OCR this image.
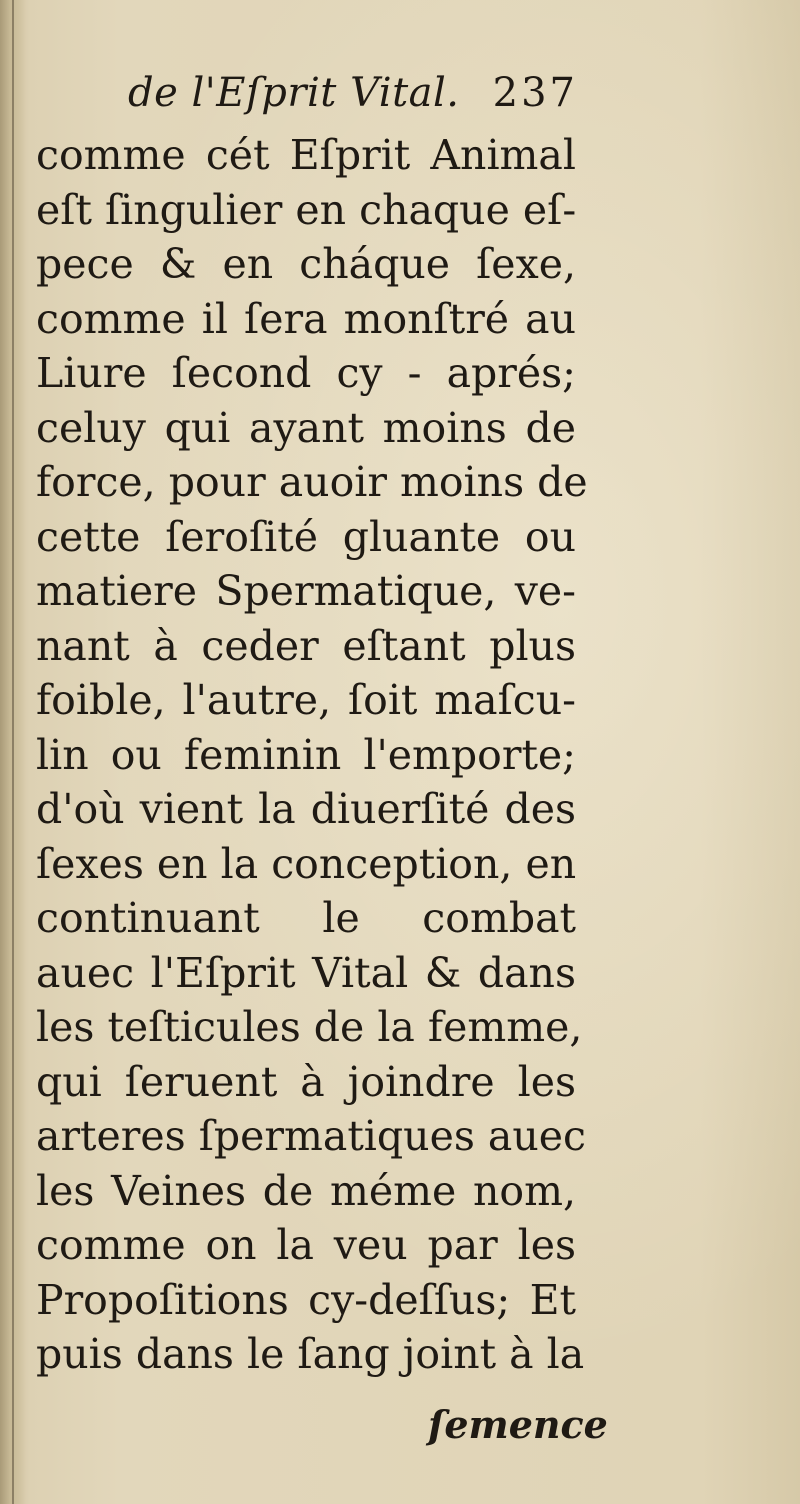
de l'Eſprit Vital. 237
comme cét Eſprit Animal
eſt ſingulier en chaque eſ-
pece & en cháque ſexe,
comme il ſera monſtré au
Liure ſecond cy - aprés;
celuy qui ayant moins de
force, pour auoir moins de
cette ſeroſité gluante ou
matiere Spermatique, ve-
nant à ceder eſtant plus
foible, l'autre, ſoit maſcu-
lin ou feminin l'emporte;
d'où vient la diuerſité des
ſexes en la conception, en
continuant le combat
auec l'Eſprit Vital & dans
les teſticules de la femme,
qui ſeruent à joindre les
arteres ſpermatiques auec
les Veines de méme nom,
comme on la veu par les
Propoſitions cy-deſſus; Et
puis dans le ſang joint à la
ſemence
